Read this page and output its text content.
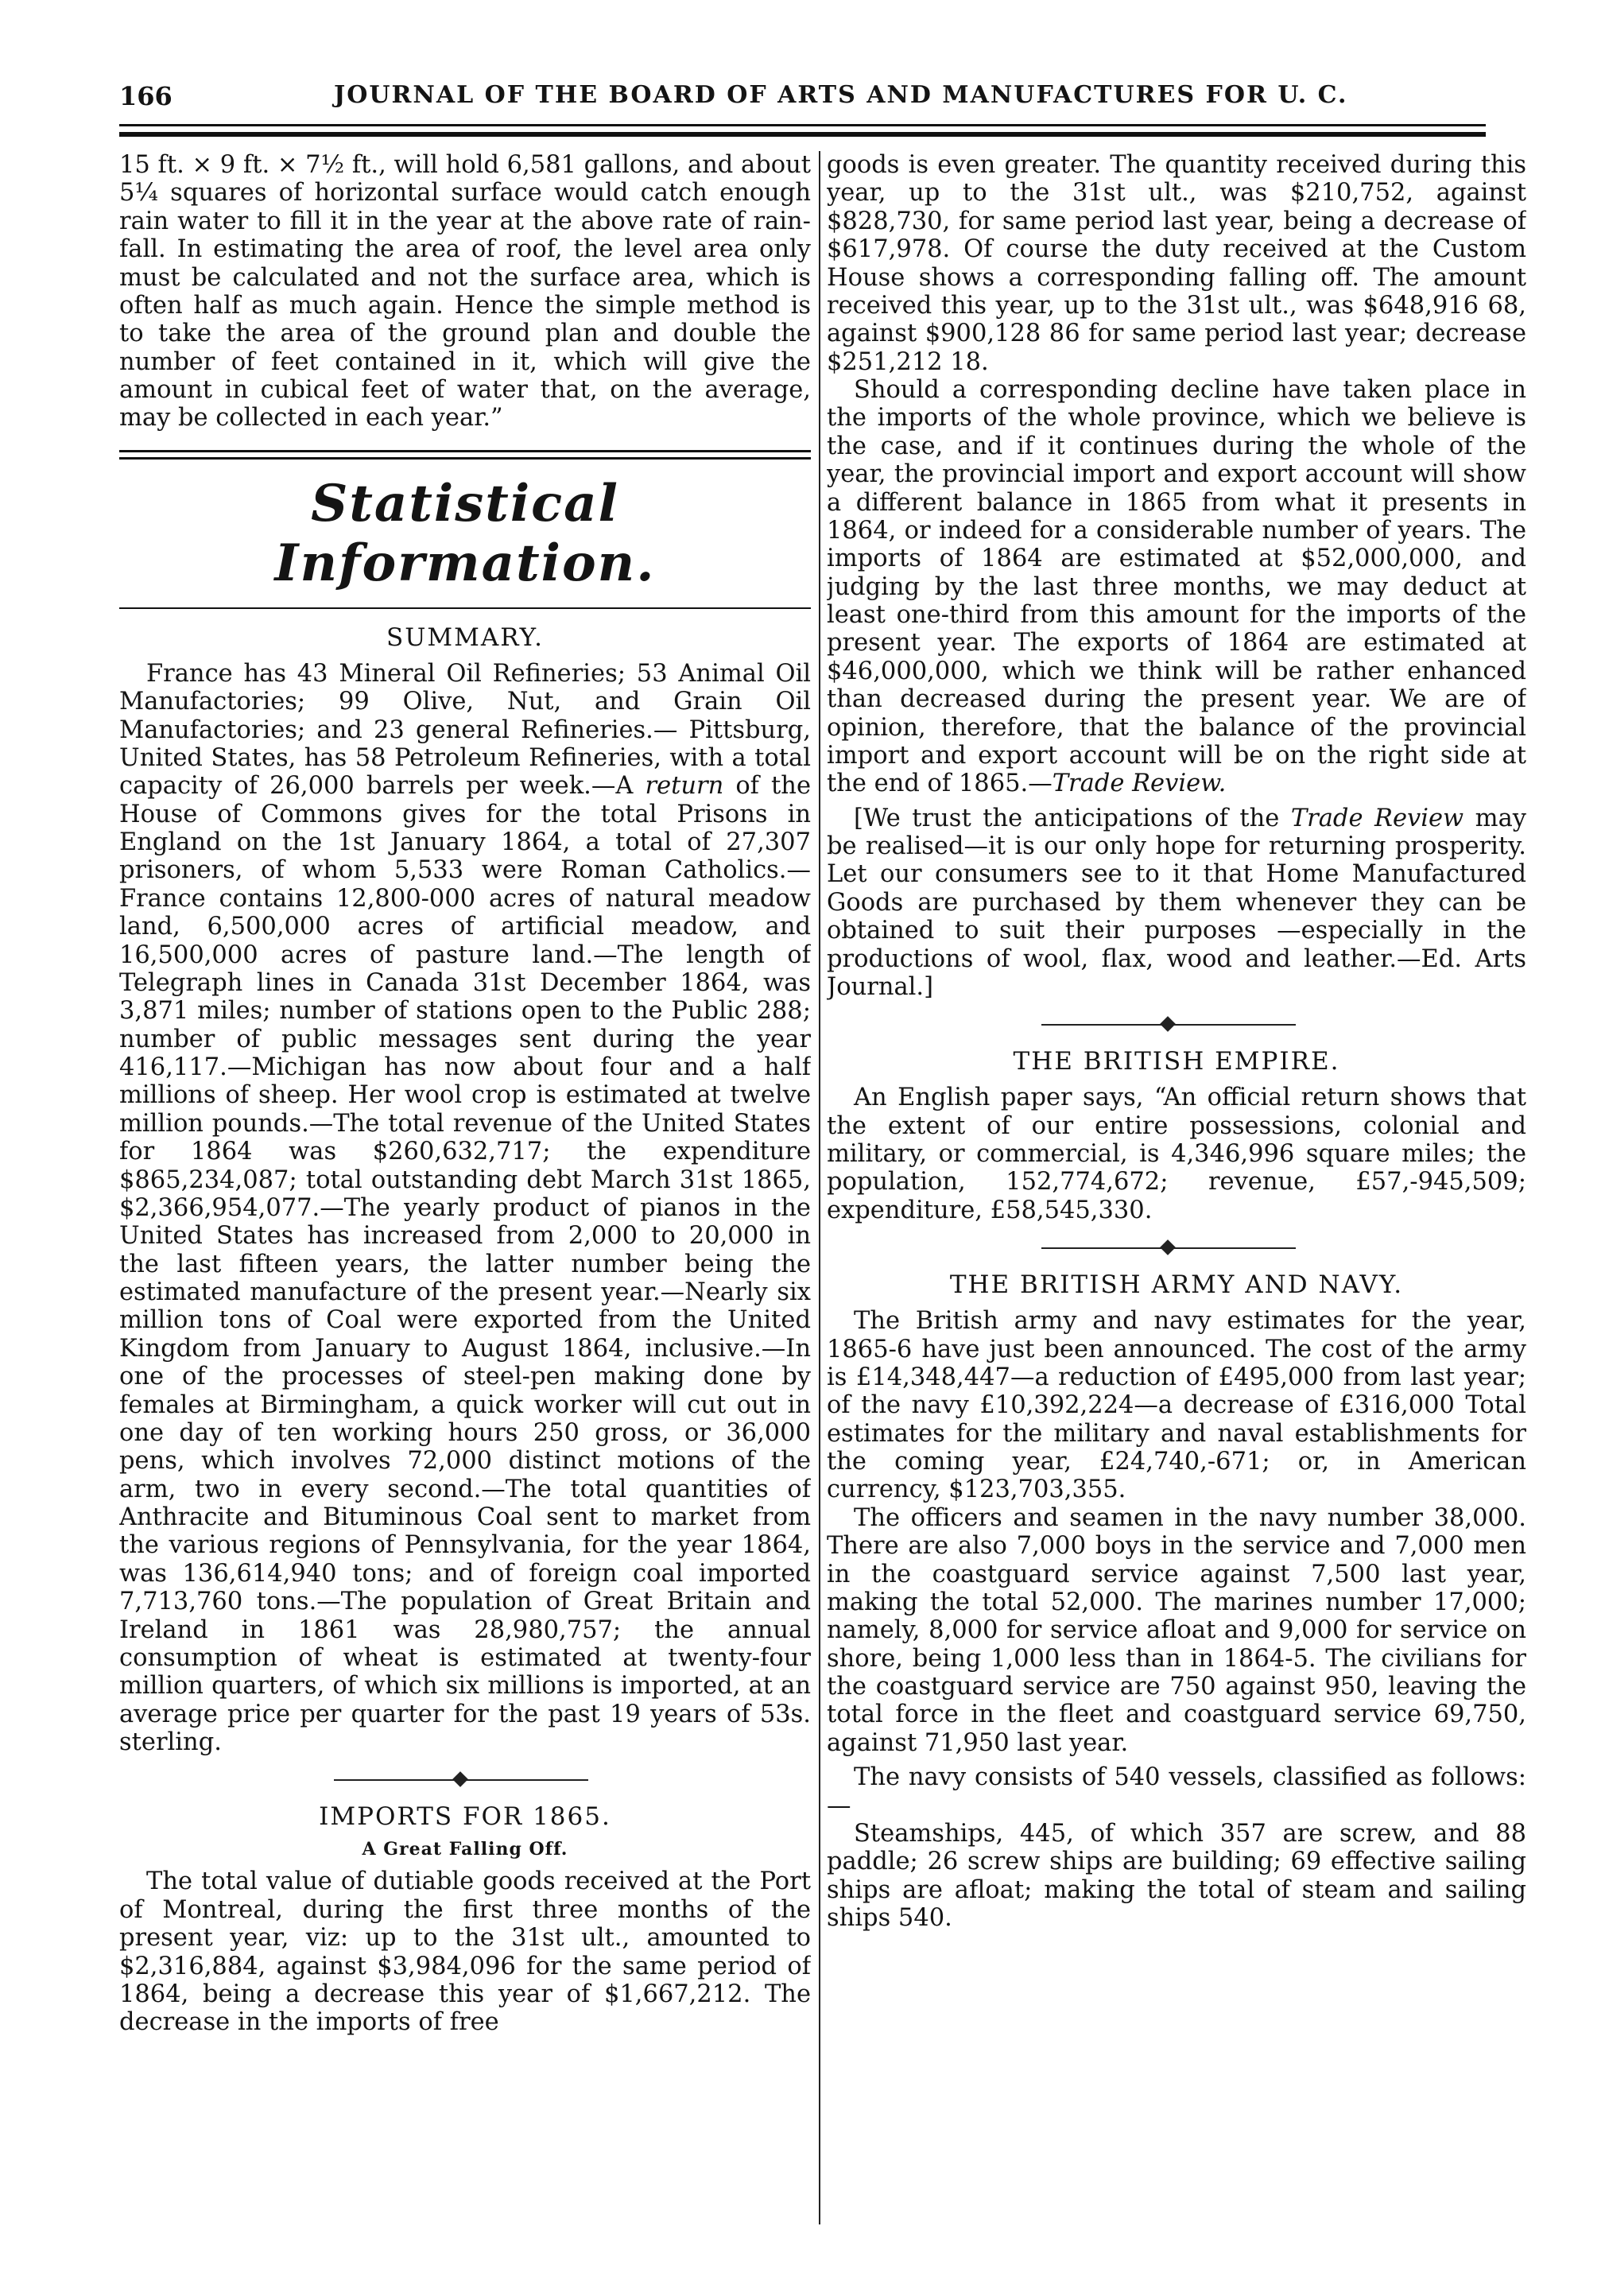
166	JOURNAL OF THE BOARD OF ARTS AND MANUFACTURES FOR U. C.

15 ft. × 9 ft. × 7½ ft., will hold 6,581 gallons, and about 5¼ squares of horizontal surface would catch enough rain water to fill it in the year at the above rate of rain-fall. In estimating the area of roof, the level area only must be calculated and not the surface area, which is often half as much again. Hence the simple method is to take the area of the ground plan and double the number of feet contained in it, which will give the amount in cubical feet of water that, on the average, may be collected in each year.”

Statistical Information.
SUMMARY.

France has 43 Mineral Oil Refineries; 53 Animal Oil Manufactories; 99 Olive, Nut, and Grain Oil Manufactories; and 23 general Refineries.— Pittsburg, United States, has 58 Petroleum Refineries, with a total capacity of 26,000 barrels per week.—A return of the House of Commons gives for the total Prisons in England on the 1st January 1864, a total of 27,307 prisoners, of whom 5,533 were Roman Catholics.—France contains 12,800-000 acres of natural meadow land, 6,500,000 acres of artificial meadow, and 16,500,000 acres of pasture land.—The length of Telegraph lines in Canada 31st December 1864, was 3,871 miles; number of stations open to the Public 288; number of public messages sent during the year 416,117.—Michigan has now about four and a half millions of sheep. Her wool crop is estimated at twelve million pounds.—The total revenue of the United States for 1864 was $260,632,717; the expenditure $865,234,087; total outstanding debt March 31st 1865, $2,366,954,077.—The yearly product of pianos in the United States has increased from 2,000 to 20,000 in the last fifteen years, the latter number being the estimated manufacture of the present year.—Nearly six million tons of Coal were exported from the United Kingdom from January to August 1864, inclusive.—In one of the processes of steel-pen making done by females at Birmingham, a quick worker will cut out in one day of ten working hours 250 gross, or 36,000 pens, which involves 72,000 distinct motions of the arm, two in every second.—The total quantities of Anthracite and Bituminous Coal sent to market from the various regions of Pennsylvania, for the year 1864, was 136,614,940 tons; and of foreign coal imported 7,713,760 tons.—The population of Great Britain and Ireland in 1861 was 28,980,757; the annual consumption of wheat is estimated at twenty-four million quarters, of which six millions is imported, at an average price per quarter for the past 19 years of 53s. sterling.

IMPORTS FOR 1865.
A Great Falling Off.

The total value of dutiable goods received at the Port of Montreal, during the first three months of the present year, viz: up to the 31st ult., amounted to $2,316,884, against $3,984,096 for the same period of 1864, being a decrease this year of $1,667,212. The decrease in the imports of free

goods is even greater. The quantity received during this year, up to the 31st ult., was $210,752, against $828,730, for same period last year, being a decrease of $617,978. Of course the duty received at the Custom House shows a corresponding falling off. The amount received this year, up to the 31st ult., was $648,916 68, against $900,128 86 for same period last year; decrease $251,212 18.

Should a corresponding decline have taken place in the imports of the whole province, which we believe is the case, and if it continues during the whole of the year, the provincial import and export account will show a different balance in 1865 from what it presents in 1864, or indeed for a considerable number of years. The imports of 1864 are estimated at $52,000,000, and judging by the last three months, we may deduct at least one-third from this amount for the imports of the present year. The exports of 1864 are estimated at $46,000,000, which we think will be rather enhanced than decreased during the present year. We are of opinion, therefore, that the balance of the provincial import and export account will be on the right side at the end of 1865.—Trade Review.

[We trust the anticipations of the Trade Review may be realised—it is our only hope for returning prosperity. Let our consumers see to it that Home Manufactured Goods are purchased by them whenever they can be obtained to suit their purposes —especially in the productions of wool, flax, wood and leather.—Ed. Arts Journal.]

THE BRITISH EMPIRE.

An English paper says, “An official return shows that the extent of our entire possessions, colonial and military, or commercial, is 4,346,996 square miles; the population, 152,774,672; revenue, £57,-945,509; expenditure, £58,545,330.

THE BRITISH ARMY AND NAVY.

The British army and navy estimates for the year, 1865-6 have just been announced. The cost of the army is £14,348,447—a reduction of £495,000 from last year; of the navy £10,392,224—a decrease of £316,000 Total estimates for the military and naval establishments for the coming year, £24,740,-671; or, in American currency, $123,703,355.

The officers and seamen in the navy number 38,000. There are also 7,000 boys in the service and 7,000 men in the coastguard service against 7,500 last year, making the total 52,000. The marines number 17,000; namely, 8,000 for service afloat and 9,000 for service on shore, being 1,000 less than in 1864-5. The civilians for the coastguard service are 750 against 950, leaving the total force in the fleet and coastguard service 69,750, against 71,950 last year.

The navy consists of 540 vessels, classified as follows:—

Steamships, 445, of which 357 are screw, and 88 paddle; 26 screw ships are building; 69 effective sailing ships are afloat; making the total of steam and sailing ships 540.
